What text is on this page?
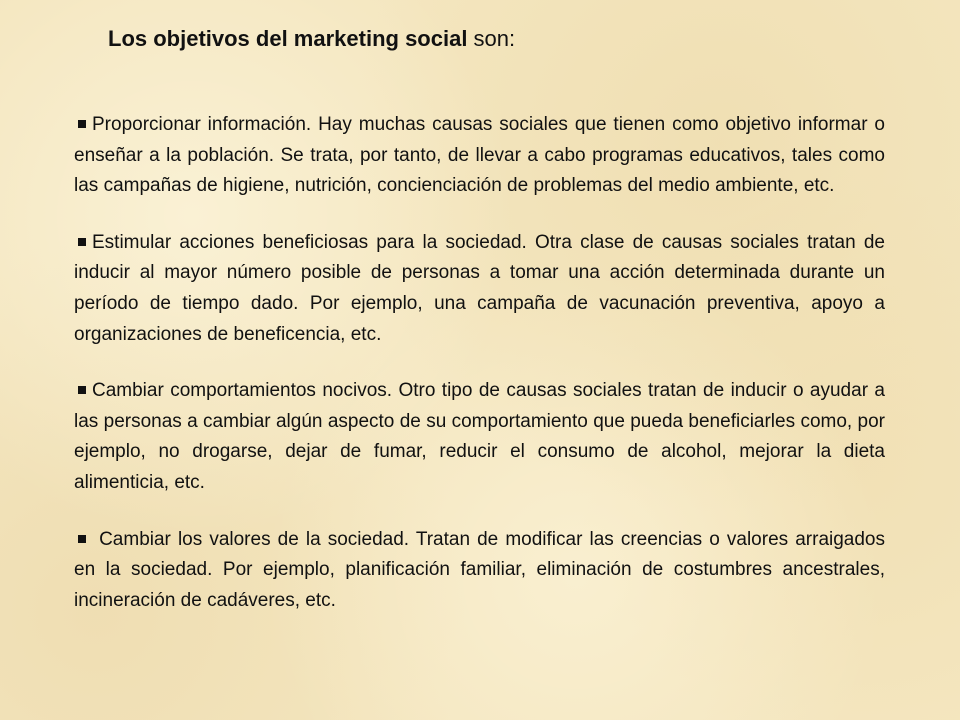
Los objetivos del marketing social son:
Proporcionar información. Hay muchas causas sociales que tienen como objetivo informar o enseñar a la población. Se trata, por tanto, de llevar a cabo programas educativos, tales como las campañas de higiene, nutrición, concienciación de problemas del medio ambiente, etc.
Estimular acciones beneficiosas para la sociedad. Otra clase de causas sociales tratan de inducir al mayor número posible de personas a tomar una acción determinada durante un período de tiempo dado. Por ejemplo, una campaña de vacunación preventiva, apoyo a organizaciones de beneficencia, etc.
Cambiar comportamientos nocivos. Otro tipo de causas sociales tratan de inducir o ayudar a las personas a cambiar algún aspecto de su comportamiento que pueda beneficiarles como, por ejemplo, no drogarse, dejar de fumar, reducir el consumo de alcohol, mejorar la dieta alimenticia, etc.
Cambiar los valores de la sociedad. Tratan de modificar las creencias o valores arraigados en la sociedad. Por ejemplo, planificación familiar, eliminación de costumbres ancestrales, incineración de cadáveres, etc.
